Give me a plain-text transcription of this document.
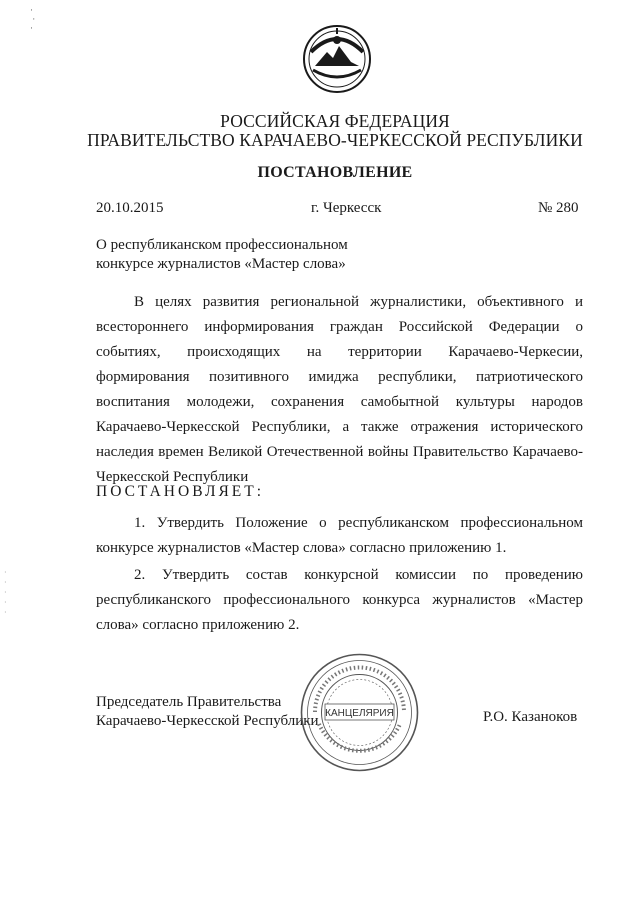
·
·
·
РОССИЙСКАЯ ФЕДЕРАЦИЯ
ПРАВИТЕЛЬСТВО КАРАЧАЕВО-ЧЕРКЕССКОЙ РЕСПУБЛИКИ
ПОСТАНОВЛЕНИЕ
20.10.2015	г. Черкесск	№ 280
О республиканском профессиональном
конкурсе журналистов «Мастер слова»
В целях развития региональной журналистики, объективного и всестороннего информирования граждан Российской Федерации о событиях, происходящих на территории Карачаево-Черкесии, формирования позитивного имиджа республики, патриотического воспитания молодежи, сохранения самобытной культуры народов Карачаево-Черкесской Республики, а также отражения исторического наследия времен Великой Отечественной войны Правительство Карачаево-Черкесской Республики
ПОСТАНОВЛЯЕТ:
1. Утвердить Положение о республиканском профессиональном конкурсе журналистов «Мастер слова» согласно приложению 1.
2. Утвердить состав конкурсной комиссии по проведению республиканского профессионального конкурса журналистов «Мастер слова» согласно приложению 2.
Председатель Правительства
Карачаево-Черкесской Республики КАНЦЕЛЯРИЯ	Р.О. Казаноков
·
·
·
·
·
